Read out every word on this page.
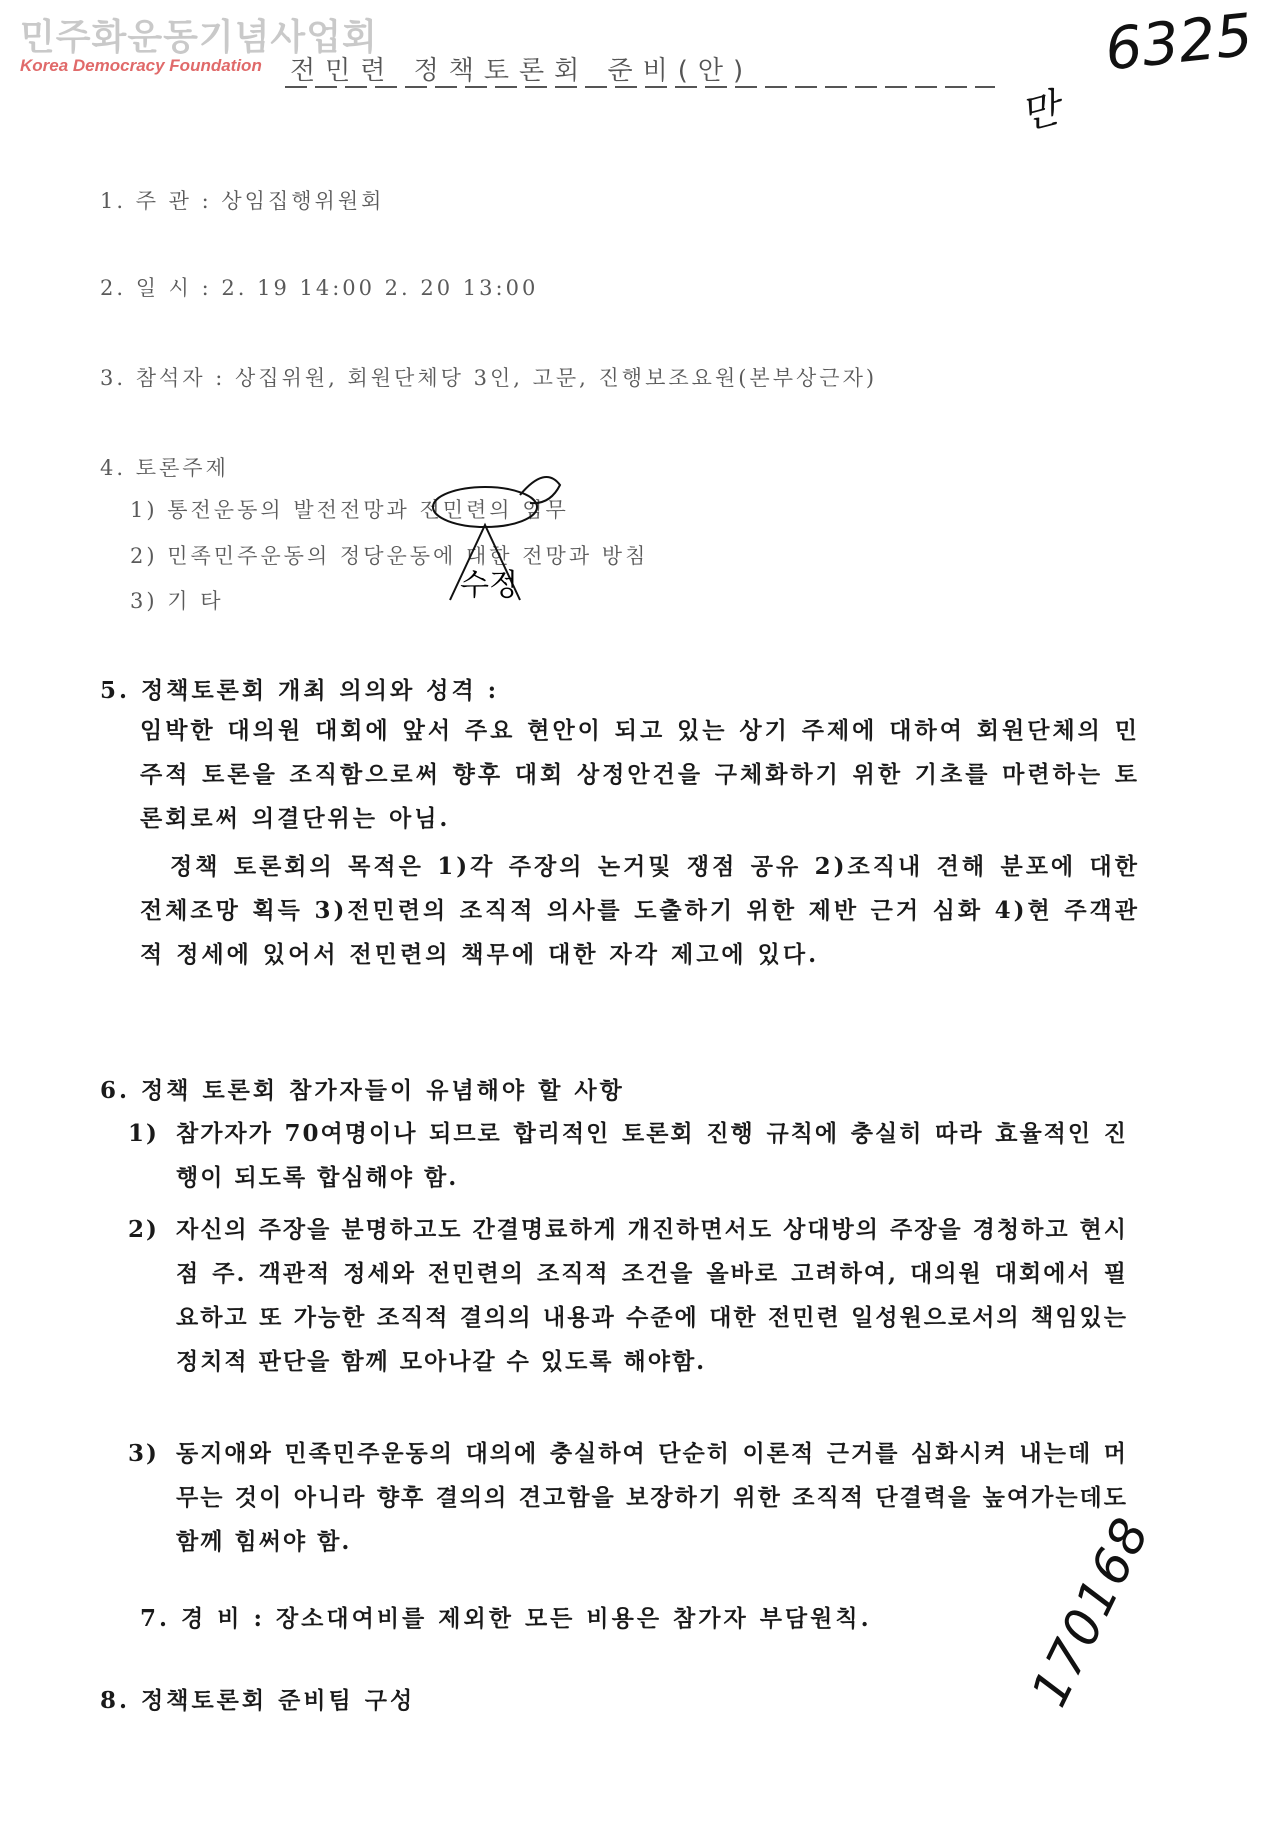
민주화운동기념사업회
Korea Democracy Foundation	전민련 정책토론회 준비(안)	6325
만
170168
1. 주 관 : 상임집행위원회
2. 일 시 : 2. 19 14:00 2. 20 13:00
3. 참석자 : 상집위원, 회원단체당 3인, 고문, 진행보조요원(본부상근자)
4. 토론주제
1) 통전운동의 발전전망과 전민련의 임무
2) 민족민주운동의 정당운동에 대한 전망과 방침
3) 기 타	수정
5. 정책토론회 개최 의의와 성격 :
임박한 대의원 대회에 앞서 주요 현안이 되고 있는 상기 주제에 대하여 회원단체의 민주적 토론을 조직함으로써 향후 대회 상정안건을 구체화하기 위한 기초를 마련하는 토론회로써 의결단위는 아님.
정책 토론회의 목적은 1)각 주장의 논거및 쟁점 공유 2)조직내 견해 분포에 대한 전체조망 획득 3)전민련의 조직적 의사를 도출하기 위한 제반 근거 심화 4)현 주객관적 정세에 있어서 전민련의 책무에 대한 자각 제고에 있다.
6. 정책 토론회 참가자들이 유념해야 할 사항
1) 참가자가 70여명이나 되므로 합리적인 토론회 진행 규칙에 충실히 따라 효율적인 진행이 되도록 합심해야 함.
2) 자신의 주장을 분명하고도 간결명료하게 개진하면서도 상대방의 주장을 경청하고 현시점 주. 객관적 정세와 전민련의 조직적 조건을 올바로 고려하여, 대의원 대회에서 필요하고 또 가능한 조직적 결의의 내용과 수준에 대한 전민련 일성원으로서의 책임있는 정치적 판단을 함께 모아나갈 수 있도록 해야함.
3) 동지애와 민족민주운동의 대의에 충실하여 단순히 이론적 근거를 심화시켜 내는데 머무는 것이 아니라 향후 결의의 견고함을 보장하기 위한 조직적 단결력을 높여가는데도 함께 힘써야 함.
7. 경 비 : 장소대여비를 제외한 모든 비용은 참가자 부담원칙.
8. 정책토론회 준비팀 구성
